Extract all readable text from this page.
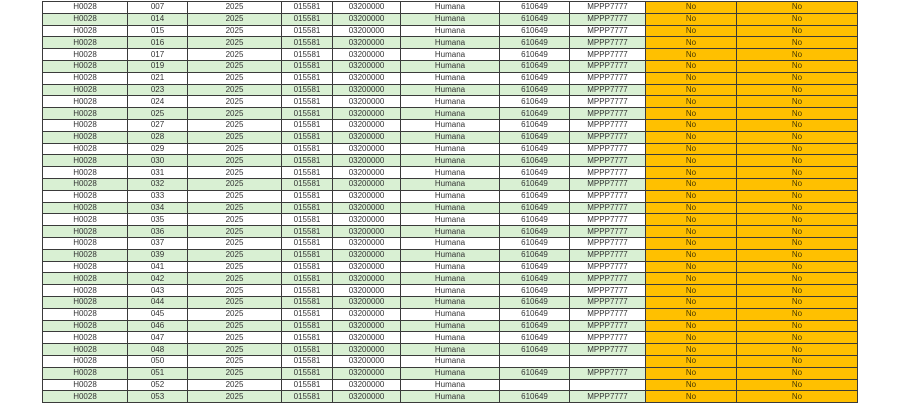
H0028	007	2025	015581	03200000	Humana	610649	MPPP7777	No	No
H0028	014	2025	015581	03200000	Humana	610649	MPPP7777	No	No
H0028	015	2025	015581	03200000	Humana	610649	MPPP7777	No	No
H0028	016	2025	015581	03200000	Humana	610649	MPPP7777	No	No
H0028	017	2025	015581	03200000	Humana	610649	MPPP7777	No	No
H0028	019	2025	015581	03200000	Humana	610649	MPPP7777	No	No
H0028	021	2025	015581	03200000	Humana	610649	MPPP7777	No	No
H0028	023	2025	015581	03200000	Humana	610649	MPPP7777	No	No
H0028	024	2025	015581	03200000	Humana	610649	MPPP7777	No	No
H0028	025	2025	015581	03200000	Humana	610649	MPPP7777	No	No
H0028	027	2025	015581	03200000	Humana	610649	MPPP7777	No	No
H0028	028	2025	015581	03200000	Humana	610649	MPPP7777	No	No
H0028	029	2025	015581	03200000	Humana	610649	MPPP7777	No	No
H0028	030	2025	015581	03200000	Humana	610649	MPPP7777	No	No
H0028	031	2025	015581	03200000	Humana	610649	MPPP7777	No	No
H0028	032	2025	015581	03200000	Humana	610649	MPPP7777	No	No
H0028	033	2025	015581	03200000	Humana	610649	MPPP7777	No	No
H0028	034	2025	015581	03200000	Humana	610649	MPPP7777	No	No
H0028	035	2025	015581	03200000	Humana	610649	MPPP7777	No	No
H0028	036	2025	015581	03200000	Humana	610649	MPPP7777	No	No
H0028	037	2025	015581	03200000	Humana	610649	MPPP7777	No	No
H0028	039	2025	015581	03200000	Humana	610649	MPPP7777	No	No
H0028	041	2025	015581	03200000	Humana	610649	MPPP7777	No	No
H0028	042	2025	015581	03200000	Humana	610649	MPPP7777	No	No
H0028	043	2025	015581	03200000	Humana	610649	MPPP7777	No	No
H0028	044	2025	015581	03200000	Humana	610649	MPPP7777	No	No
H0028	045	2025	015581	03200000	Humana	610649	MPPP7777	No	No
H0028	046	2025	015581	03200000	Humana	610649	MPPP7777	No	No
H0028	047	2025	015581	03200000	Humana	610649	MPPP7777	No	No
H0028	048	2025	015581	03200000	Humana	610649	MPPP7777	No	No
H0028	050	2025	015581	03200000	Humana			No	No
H0028	051	2025	015581	03200000	Humana	610649	MPPP7777	No	No
H0028	052	2025	015581	03200000	Humana			No	No
H0028	053	2025	015581	03200000	Humana	610649	MPPP7777	No	No
